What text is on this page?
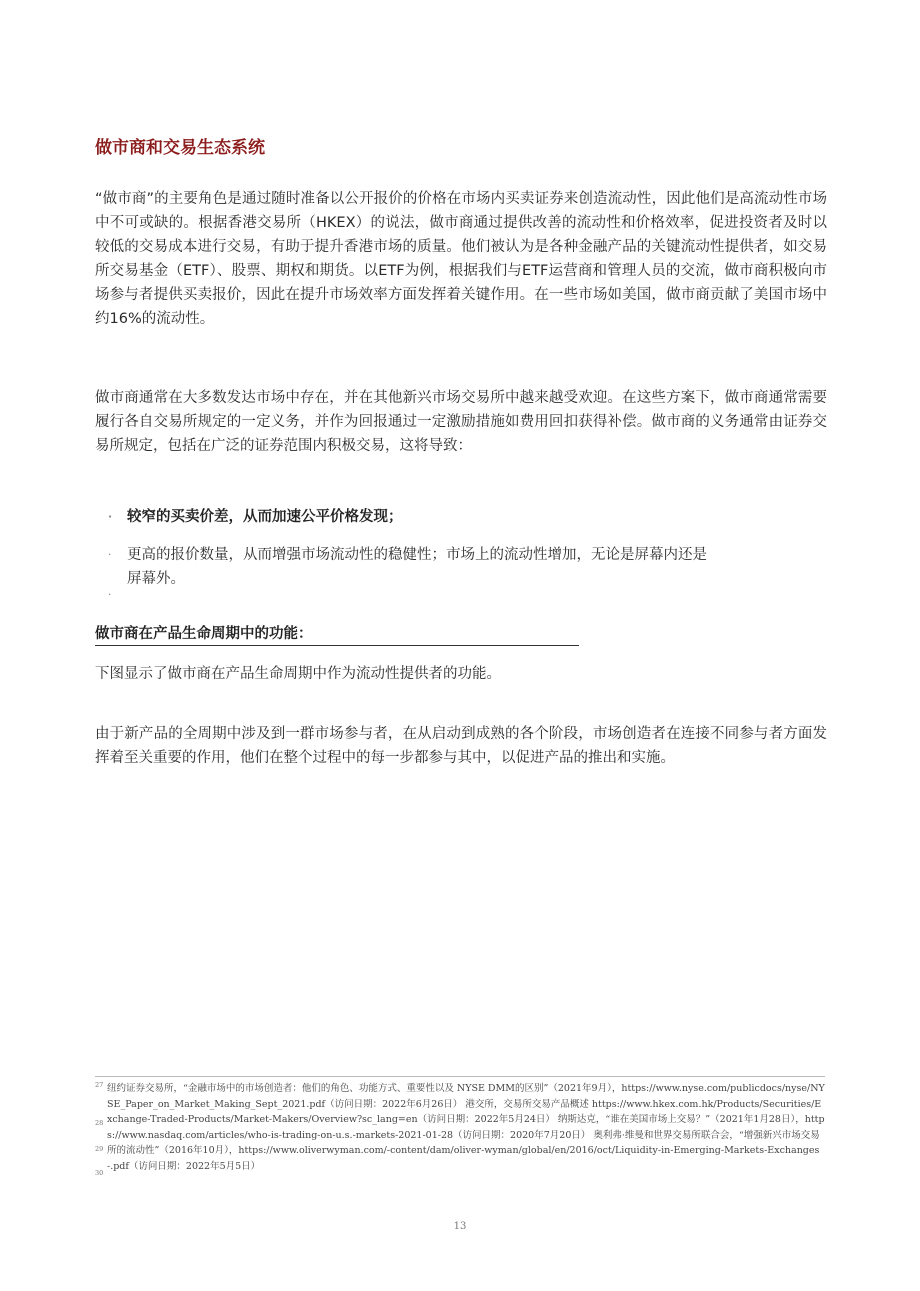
做市商和交易生态系统

“做市商”的主要角色是通过随时准备以公开报价的价格在市场内买卖证券来创造流动性，因此他们是高流动性市场中不可或缺的。根据香港交易所（HKEX）的说法，做市商通过提供改善的流动性和价格效率，促进投资者及时以较低的交易成本进行交易，有助于提升香港市场的质量。他们被认为是各种金融产品的关键流动性提供者，如交易所交易基金（ETF）、股票、期权和期货。以ETF为例，根据我们与ETF运营商和管理人员的交流，做市商积极向市场参与者提供买卖报价，因此在提升市场效率方面发挥着关键作用。在一些市场如美国，做市商贡献了美国市场中约16%的流动性。

做市商通常在大多数发达市场中存在，并在其他新兴市场交易所中越来越受欢迎。在这些方案下，做市商通常需要履行各自交易所规定的一定义务，并作为回报通过一定激励措施如费用回扣获得补偿。做市商的义务通常由证券交易所规定，包括在广泛的证券范围内积极交易，这将导致：

· 较窄的买卖价差，从而加速公平价格发现；
· 更高的报价数量，从而增强市场流动性的稳健性；市场上的流动性增加，无论是屏幕内还是屏幕外。
·
做市商在产品生命周期中的功能：

下图显示了做市商在产品生命周期中作为流动性提供者的功能。

由于新产品的全周期中涉及到一群市场参与者，在从启动到成熟的各个阶段，市场创造者在连接不同参与者方面发挥着至关重要的作用，他们在整个过程中的每一步都参与其中，以促进产品的推出和实施。

27
28
29
30

纽约证券交易所，“金融市场中的市场创造者：他们的角色、功能方式、重要性以及 NYSE DMM的区别”（2021年9月），https://www.nyse.com/publicdocs/nyse/NYSE_Paper_on_Market_Making_Sept_2021.pdf（访问日期：2022年6月26日） 港交所，交易所交易产品概述 https://www.hkex.com.hk/Products/Securities/Exchange-Traded-Products/Market-Makers/Overview?sc_lang=en（访问日期：2022年5月24日） 纳斯达克，“谁在美国市场上交易？”（2021年1月28日），https://www.nasdaq.com/articles/who-is-trading-on-u.s.-markets-2021-01-28（访问日期：2020年7月20日） 奥利弗·维曼和世界交易所联合会，“增强新兴市场交易所的流动性”（2016年10月），https://www.oliverwyman.com/-content/dam/oliver-wyman/global/en/2016/oct/Liquidity-in-Emerging-Markets-Exchanges-.pdf（访问日期：2022年5月5日）

13
